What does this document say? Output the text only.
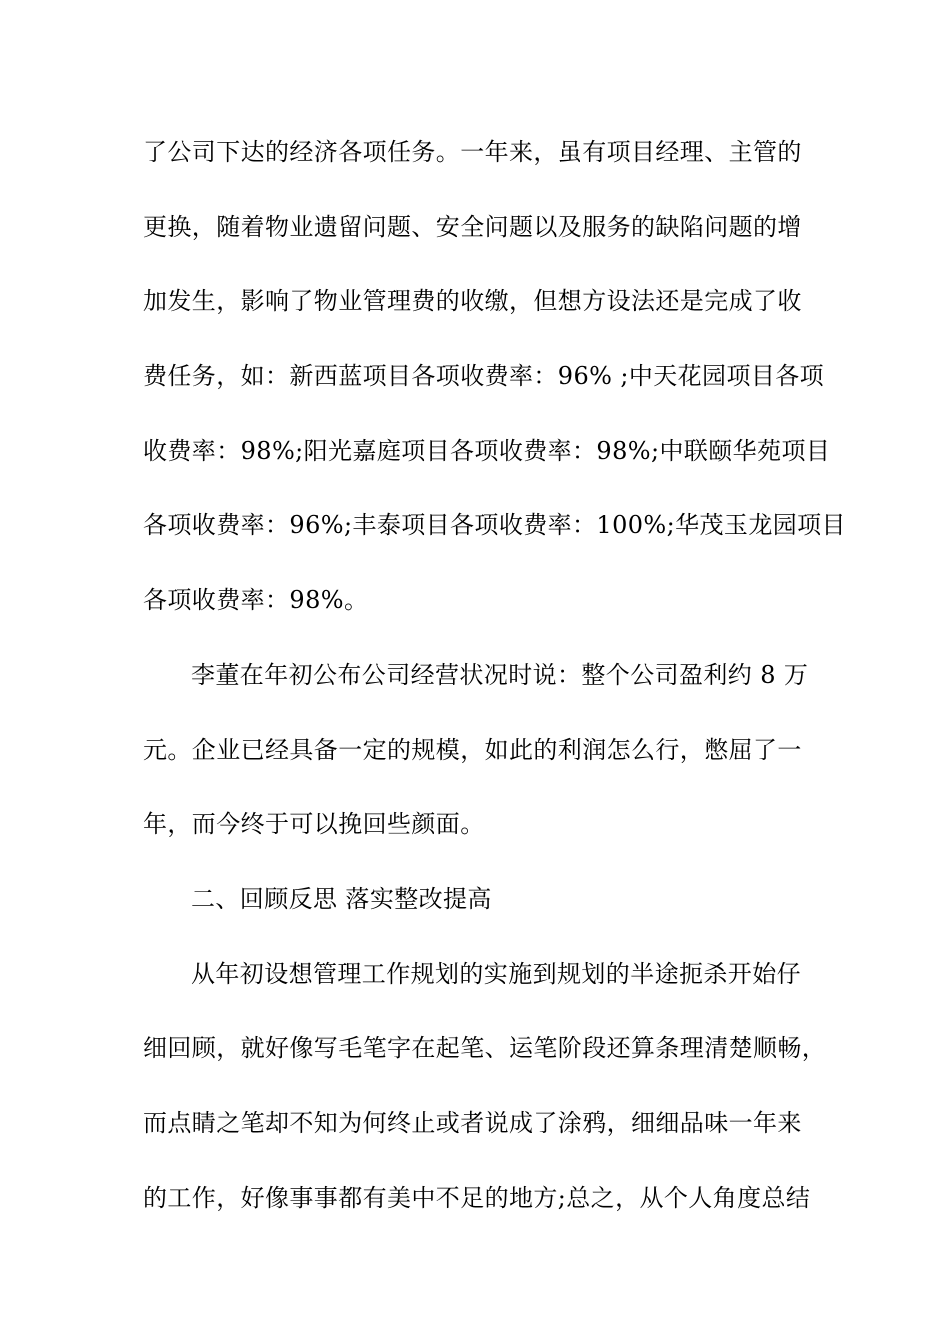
了公司下达的经济各项任务。一年来，虽有项目经理、主管的
更换，随着物业遗留问题、安全问题以及服务的缺陷问题的增
加发生，影响了物业管理费的收缴，但想方设法还是完成了收
费任务，如：新西蓝项目各项收费率：96% ;中天花园项目各项
收费率：98%;阳光嘉庭项目各项收费率：98%;中联颐华苑项目
各项收费率：96%;丰泰项目各项收费率：100%;华茂玉龙园项目
各项收费率：98%。
李董在年初公布公司经营状况时说：整个公司盈利约 8 万
元。企业已经具备一定的规模，如此的利润怎么行，憋屈了一
年，而今终于可以挽回些颜面。
二、回顾反思 落实整改提高
从年初设想管理工作规划的实施到规划的半途扼杀开始仔
细回顾，就好像写毛笔字在起笔、运笔阶段还算条理清楚顺畅，
而点睛之笔却不知为何终止或者说成了涂鸦，细细品味一年来
的工作，好像事事都有美中不足的地方;总之，从个人角度总结
